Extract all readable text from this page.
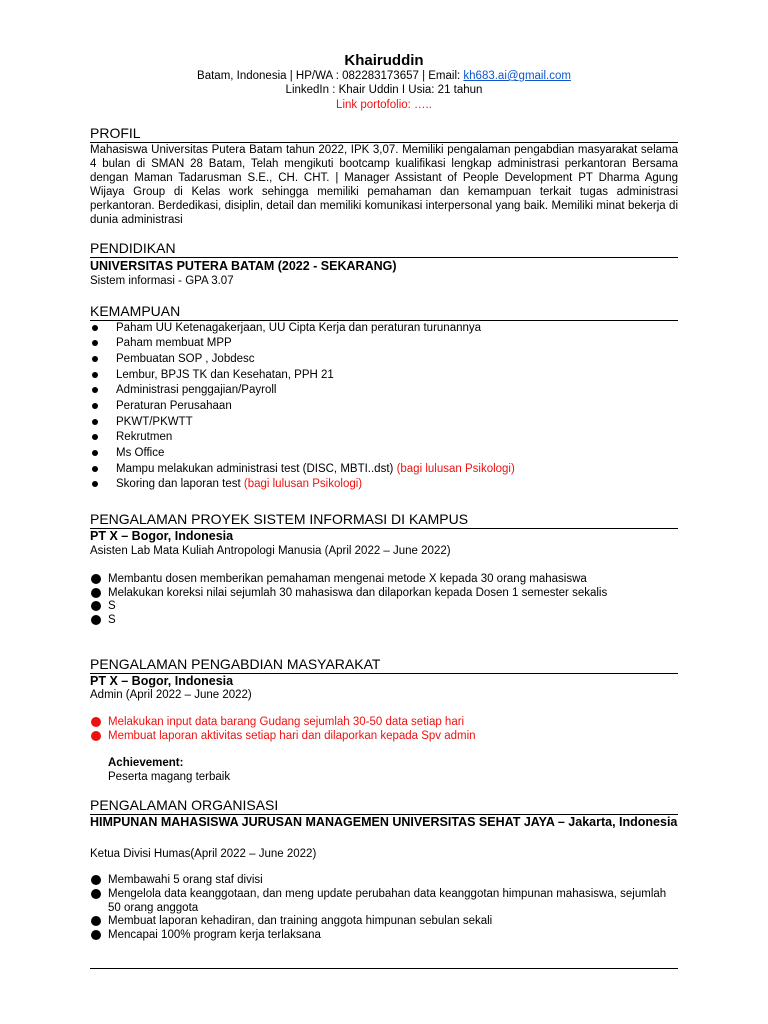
Khairuddin
Batam, Indonesia | HP/WA : 082283173657 | Email: kh683.ai@gmail.com
LinkedIn : Khair Uddin I Usia: 21 tahun
Link portofolio: …..
PROFIL
Mahasiswa Universitas Putera Batam tahun 2022, IPK 3,07. Memiliki pengalaman pengabdian masyarakat selama 4 bulan di SMAN 28 Batam, Telah mengikuti bootcamp kualifikasi lengkap administrasi perkantoran Bersama dengan Maman Tadarusman S.E., CH. CHT. | Manager Assistant of People Development PT Dharma Agung Wijaya Group di Kelas work sehingga memiliki pemahaman dan kemampuan terkait tugas administrasi perkantoran. Berdedikasi, disiplin, detail dan memiliki komunikasi interpersonal yang baik. Memiliki minat bekerja di dunia administrasi
PENDIDIKAN
UNIVERSITAS PUTERA BATAM (2022 - SEKARANG)
Sistem informasi - GPA 3.07
KEMAMPUAN
Paham UU Ketenagakerjaan, UU Cipta Kerja dan peraturan turunannya
Paham membuat MPP
Pembuatan SOP , Jobdesc
Lembur, BPJS TK dan Kesehatan, PPH 21
Administrasi penggajian/Payroll
Peraturan Perusahaan
PKWT/PKWTT
Rekrutmen
Ms Office
Mampu melakukan administrasi test (DISC, MBTI..dst) (bagi lulusan Psikologi)
Skoring dan laporan test (bagi lulusan Psikologi)
PENGALAMAN PROYEK SISTEM INFORMASI DI KAMPUS
PT X – Bogor, Indonesia
Asisten Lab Mata Kuliah Antropologi Manusia (April 2022 – June 2022)
Membantu dosen memberikan pemahaman mengenai metode X kepada 30 orang mahasiswa
Melakukan koreksi nilai sejumlah 30 mahasiswa dan dilaporkan kepada Dosen 1 semester sekalis
S
S
PENGALAMAN PENGABDIAN MASYARAKAT
PT X – Bogor, Indonesia
Admin (April 2022 – June 2022)
Melakukan input data barang Gudang sejumlah 30-50 data setiap hari
Membuat laporan aktivitas setiap hari dan dilaporkan kepada Spv admin
Achievement:
Peserta magang terbaik
PENGALAMAN ORGANISASI
HIMPUNAN MAHASISWA JURUSAN MANAGEMEN UNIVERSITAS SEHAT JAYA – Jakarta, Indonesia
Ketua Divisi Humas(April 2022 – June 2022)
Membawahi 5 orang staf divisi
Mengelola data keanggotaan, dan meng update perubahan data keanggotan himpunan mahasiswa, sejumlah 50 orang anggota
Membuat laporan kehadiran, dan training anggota himpunan sebulan sekali
Mencapai 100% program kerja terlaksana
